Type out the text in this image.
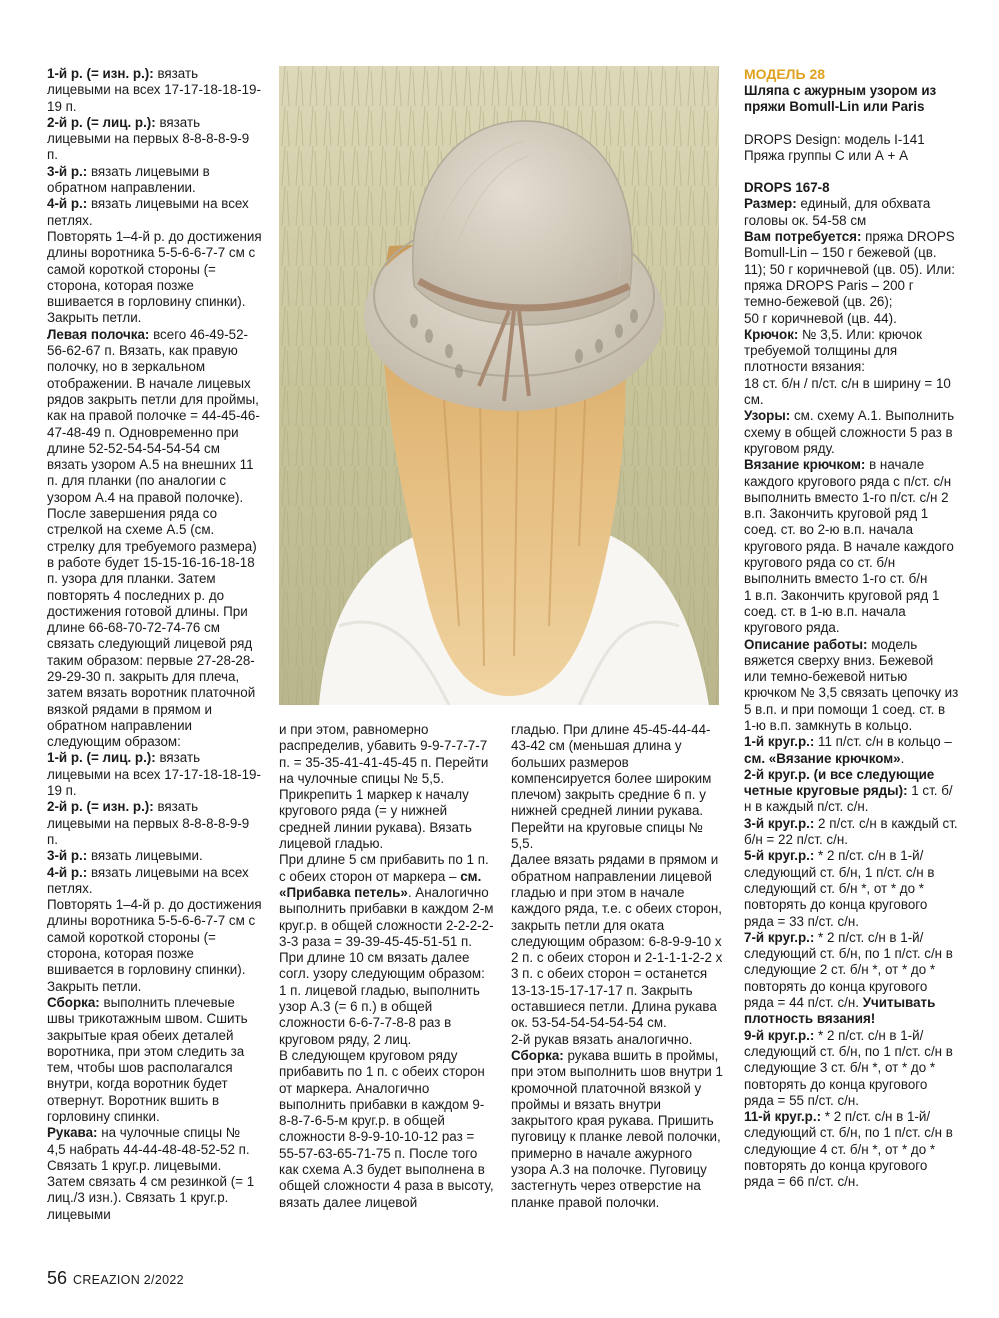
1-й р. (= изн. р.): вязать лицевыми на всех 17-17-18-18-19-19 п.

2-й р. (= лиц. р.): вязать лицевыми на первых 8-8-8-8-9-9 п.

3-й р.: вязать лицевыми в обратном направлении.

4-й р.: вязать лицевыми на всех петлях.

Повторять 1–4-й р. до достижения длины воротника 5-5-6-6-7-7 см с самой короткой стороны (= сторона, которая позже вшивается в горловину спинки). Закрыть петли.

Левая полочка: всего 46-49-52-56-62-67 п. Вязать, как правую полочку, но в зеркальном отображении. В начале лицевых рядов закрыть петли для проймы, как на правой полочке = 44-45-46-47-48-49 п. Одновременно при длине 52-52-54-54-54-54 см вязать узором А.5 на внешних 11 п. для планки (по аналогии с узором А.4 на правой полочке). После завершения ряда со стрелкой на схеме А.5 (см. стрелку для требуемого размера) в работе будет 15-15-16-16-18-18 п. узора для планки. Затем повторять 4 последних р. до достижения готовой длины. При длине 66-68-70-72-74-76 см связать следующий лицевой ряд таким образом: первые 27-28-28-29-29-30 п. закрыть для плеча, затем вязать воротник платочной вязкой рядами в прямом и обратном направлении следующим образом:

1-й р. (= лиц. р.): вязать лицевыми на всех 17-17-18-18-19-19 п.

2-й р. (= изн. р.): вязать лицевыми на первых 8-8-8-8-9-9 п.

3-й р.: вязать лицевыми.

4-й р.: вязать лицевыми на всех петлях.

Повторять 1–4-й р. до достижения длины воротника 5-5-6-6-7-7 см с самой короткой стороны (= сторона, которая позже вшивается в горловину спинки). Закрыть петли.

Сборка: выполнить плечевые швы трикотажным швом. Сшить закрытые края обеих деталей воротника, при этом следить за тем, чтобы шов располагался внутри, когда воротник будет отвернут. Воротник вшить в горловину спинки.

Рукава: на чулочные спицы № 4,5 набрать 44-44-48-48-52-52 п. Связать 1 круг.р. лицевыми. Затем связать 4 см резинкой (= 1 лиц./3 изн.). Связать 1 круг.р. лицевыми

и при этом, равномерно распределив, убавить 9-9-7-7-7-7 п. = 35-35-41-41-45-45 п. Перейти на чулочные спицы № 5,5. Прикрепить 1 маркер к началу кругового ряда (= у нижней средней линии рукава). Вязать лицевой гладью.

При длине 5 см прибавить по 1 п. с обеих сторон от маркера – см. «Прибавка петель». Аналогично выполнить прибавки в каждом 2-м круг.р. в общей сложности 2-2-2-2-3-3 раза = 39-39-45-45-51-51 п. При длине 10 см вязать далее согл. узору следующим образом: 1 п. лицевой гладью, выполнить узор А.3 (= 6 п.) в общей сложности 6-6-7-7-8-8 раз в круговом ряду, 2 лиц.

В следующем круговом ряду прибавить по 1 п. с обеих сторон от маркера. Аналогично выполнить прибавки в каждом 9-8-8-7-6-5-м круг.р. в общей сложности 8-9-9-10-10-12 раз = 55-57-63-65-71-75 п. После того как схема А.3 будет выполнена в общей сложности 4 раза в высоту, вязать далее лицевой

гладью. При длине 45-45-44-44-43-42 см (меньшая длина у больших размеров компенсируется более широким плечом) закрыть средние 6 п. у нижней средней линии рукава. Перейти на круговые спицы № 5,5.

Далее вязать рядами в прямом и обратном направлении лицевой гладью и при этом в начале каждого ряда, т.е. с обеих сторон, закрыть петли для оката следующим образом: 6-8-9-9-10 х 2 п. с обеих сторон и 2-1-1-1-2-2 х 3 п. с обеих сторон = останется 13-13-15-17-17-17 п. Закрыть оставшиеся петли. Длина рукава ок. 53-54-54-54-54-54 см.

2-й рукав вязать аналогично.

Сборка: рукава вшить в проймы, при этом выполнить шов внутри 1 кромочной платочной вязкой у проймы и вязать внутри закрытого края рукава. Пришить пуговицу к планке левой полочки, примерно в начале ажурного узора А.3 на полочке. Пуговицу застегнуть через отверстие на планке правой полочки.

МОДЕЛЬ 28
Шляпа с ажурным узором из пряжи Bomull-Lin или Paris

DROPS Design: модель I-141

Пряжа группы С или А + А

DROPS 167-8

Размер: единый, для обхвата головы ок. 54-58 см

Вам потребуется: пряжа DROPS Bomull-Lin – 150 г бежевой (цв. 11); 50 г коричневой (цв. 05). Или: пряжа DROPS Paris – 200 г темно-бежевой (цв. 26);

50 г коричневой (цв. 44).

Крючок: № 3,5. Или: крючок требуемой толщины для плотности вязания:

18 ст. б/н / п/ст. с/н в ширину = 10 см.

Узоры: см. схему А.1. Выполнить схему в общей сложности 5 раз в круговом ряду.

Вязание крючком: в начале каждого кругового ряда с п/ст. с/н выполнить вместо 1-го п/ст. с/н 2 в.п. Закончить круговой ряд 1 соед. ст. во 2-ю в.п. начала кругового ряда. В начале каждого кругового ряда со ст. б/н выполнить вместо 1-го ст. б/н

1 в.п. Закончить круговой ряд 1 соед. ст. в 1-ю в.п. начала кругового ряда.

Описание работы: модель вяжется сверху вниз. Бежевой или темно-бежевой нитью крючком № 3,5 связать цепочку из 5 в.п. и при помощи 1 соед. ст. в 1-ю в.п. замкнуть в кольцо.

1-й круг.р.: 11 п/ст. с/н в кольцо – см. «Вязание крючком».

2-й круг.р. (и все следующие четные круговые ряды): 1 ст. б/н в каждый п/ст. с/н.

3-й круг.р.: 2 п/ст. с/н в каждый ст. б/н = 22 п/ст. с/н.

5-й круг.р.: * 2 п/ст. с/н в 1-й/ следующий ст. б/н, 1 п/ст. с/н в следующий ст. б/н *, от * до * повторять до конца кругового ряда = 33 п/ст. с/н.

7-й круг.р.: * 2 п/ст. с/н в 1-й/ следующий ст. б/н, по 1 п/ст. с/н в следующие 2 ст. б/н *, от * до * повторять до конца кругового ряда = 44 п/ст. с/н. Учитывать плотность вязания!

9-й круг.р.: * 2 п/ст. с/н в 1-й/ следующий ст. б/н, по 1 п/ст. с/н в следующие 3 ст. б/н *, от * до * повторять до конца кругового ряда = 55 п/ст. с/н.

11-й круг.р.: * 2 п/ст. с/н в 1-й/ следующий ст. б/н, по 1 п/ст. с/н в следующие 4 ст. б/н *, от * до * повторять до конца кругового ряда = 66 п/ст. с/н.

56 CREAZION 2/2022
